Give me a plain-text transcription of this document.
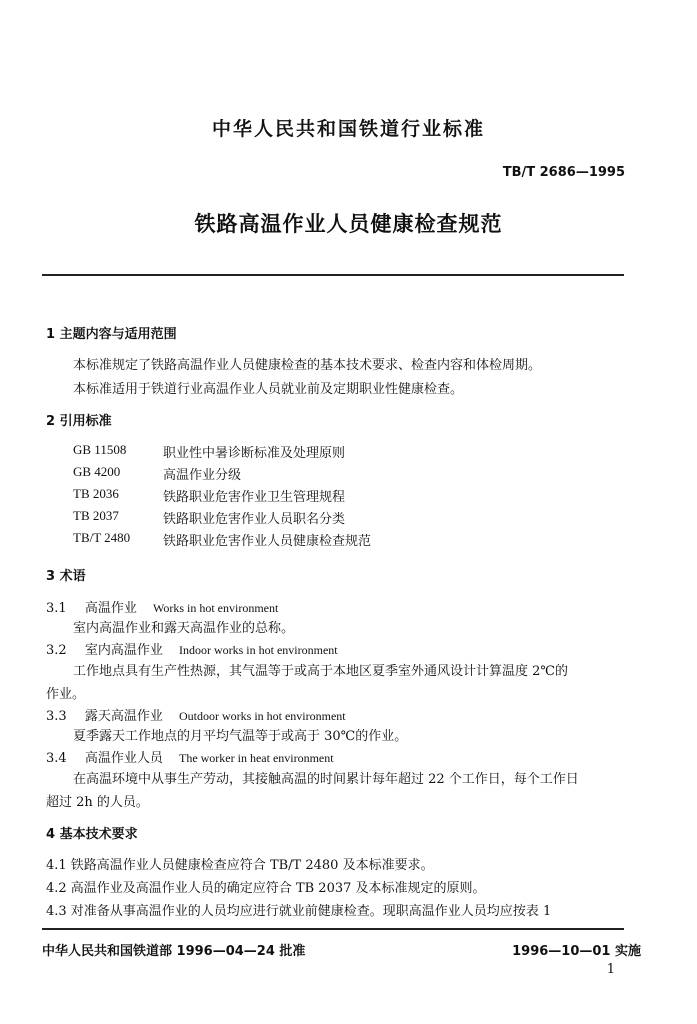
中华人民共和国铁道行业标准
TB/T 2686—1995
铁路高温作业人员健康检查规范
1 主题内容与适用范围
本标准规定了铁路高温作业人员健康检查的基本技术要求、检查内容和体检周期。
本标准适用于铁道行业高温作业人员就业前及定期职业性健康检查。
2 引用标准
GB 11508	职业性中暑诊断标准及处理原则
GB 4200	高温作业分级
TB 2036	铁路职业危害作业卫生管理规程
TB 2037	铁路职业危害作业人员职名分类
TB/T 2480	铁路职业危害作业人员健康检查规范
3 术语
3.1 高温作业 Works in hot environment
室内高温作业和露天高温作业的总称。
3.2 室内高温作业 Indoor works in hot environment
工作地点具有生产性热源，其气温等于或高于本地区夏季室外通风设计计算温度 2℃的
作业。
3.3 露天高温作业 Outdoor works in hot environment
夏季露天工作地点的月平均气温等于或高于 30℃的作业。
3.4 高温作业人员 The worker in heat environment
在高温环境中从事生产劳动，其接触高温的时间累计每年超过 22 个工作日，每个工作日
超过 2h 的人员。
4 基本技术要求
4.1 铁路高温作业人员健康检查应符合 TB/T 2480 及本标准要求。
4.2 高温作业及高温作业人员的确定应符合 TB 2037 及本标准规定的原则。
4.3 对准备从事高温作业的人员均应进行就业前健康检查。现职高温作业人员均应按表 1
中华人民共和国铁道部 1996—04—24 批准	1996—10—01 实施
1
